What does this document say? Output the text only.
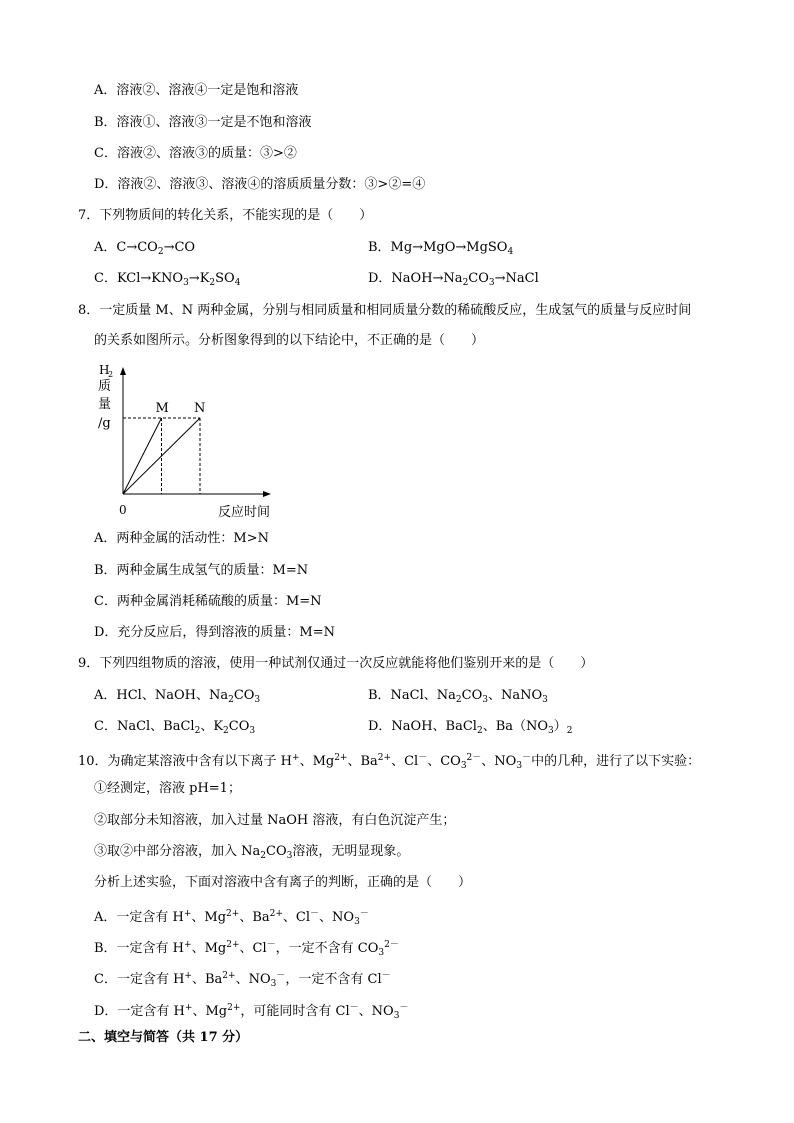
A．溶液②、溶液④一定是饱和溶液
B．溶液①、溶液③一定是不饱和溶液
C．溶液②、溶液③的质量：③>②
D．溶液②、溶液③、溶液④的溶质质量分数：③>②=④
7．下列物质间的转化关系，不能实现的是（　　）
A．$C\to CO_2\to CO$	B．Mg→MgO→MgSO$_4$
C．$KCl\to KNO_3\to K_2SO_4$	D．$NaOH\to Na_2CO_3\to NaCl$
8．一定质量 M、N 两种金属，分别与相同质量和相同质量分数的稀硫酸反应，生成氢气的质量与反应时间
的关系如图所示。分析图象得到的以下结论中，不正确的是（　　）
H
2
质
量
/g
M N
0	反应时间
A．两种金属的活动性：M>N
B．两种金属生成氢气的质量：M=N
C．两种金属消耗稀硫酸的质量：M=N
D．充分反应后，得到溶液的质量：M=N
9．下列四组物质的溶液，使用一种试剂仅通过一次反应就能将他们鉴别开来的是（　　）
A．HCl、NaOH、$Na_2CO_3$	B．NaCl、$Na_2CO_3$、NaNO$_3$
C．NaCl、BaCl$_2$、$K_2CO_3$	D．NaOH、BaCl$_2$、$Ba(NO_3)_2$
10．为确定某溶液中含有以下离子 H+、$Mg^{2+}$、$Ba^{2+}$、Cl－、$CO_3^{2-}$、$NO_3^-$中的几种，进行了以下实验：
①经测定，溶液 pH=1；
②取部分未知溶液，加入过量 NaOH 溶液，有白色沉淀产生；
③取②中部分溶液，加入 $Na_2CO_3$溶液，无明显现象。
分析上述实验，下面对溶液中含有离子的判断，正确的是（　　）
A．一定含有 H+、$Mg^{2+}$、$Ba^{2+}$、Cl－、$NO_3^-$
B．一定含有 H+、$Mg^{2+}$、Cl－，一定不含有 $CO_3^{2-}$
C．一定含有 H+、$Ba^{2+}$、$NO_3^-$，一定不含有 Cl－
D．一定含有 H+、$Mg^{2+}$，可能同时含有 Cl－、$NO_3^-$
二、填空与简答（共 17 分）
